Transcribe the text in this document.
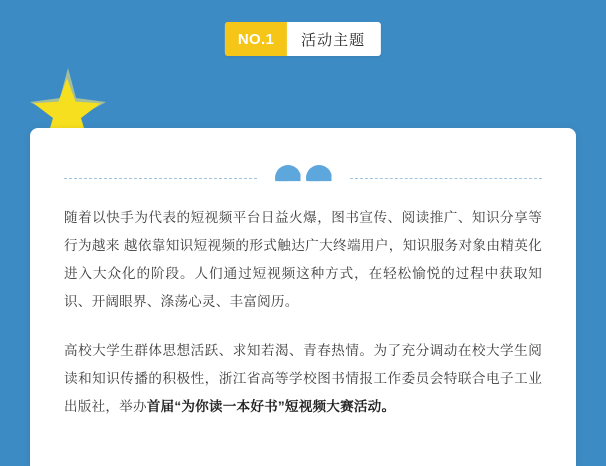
NO.1	活动主题

随着以快手为代表的短视频平台日益火爆，图书宣传、阅读推广、知识分享等行为越来 越依靠知识短视频的形式触达广大终端用户，知识服务对象由精英化进入大众化的阶段。人们通过短视频这种方式，在轻松愉悦的过程中获取知识、开阔眼界、涤荡心灵、丰富阅历。

高校大学生群体思想活跃、求知若渴、青春热情。为了充分调动在校大学生阅读和知识传播的积极性，浙江省高等学校图书情报工作委员会特联合电子工业出版社，举办首届“为你读一本好书”短视频大赛活动。
